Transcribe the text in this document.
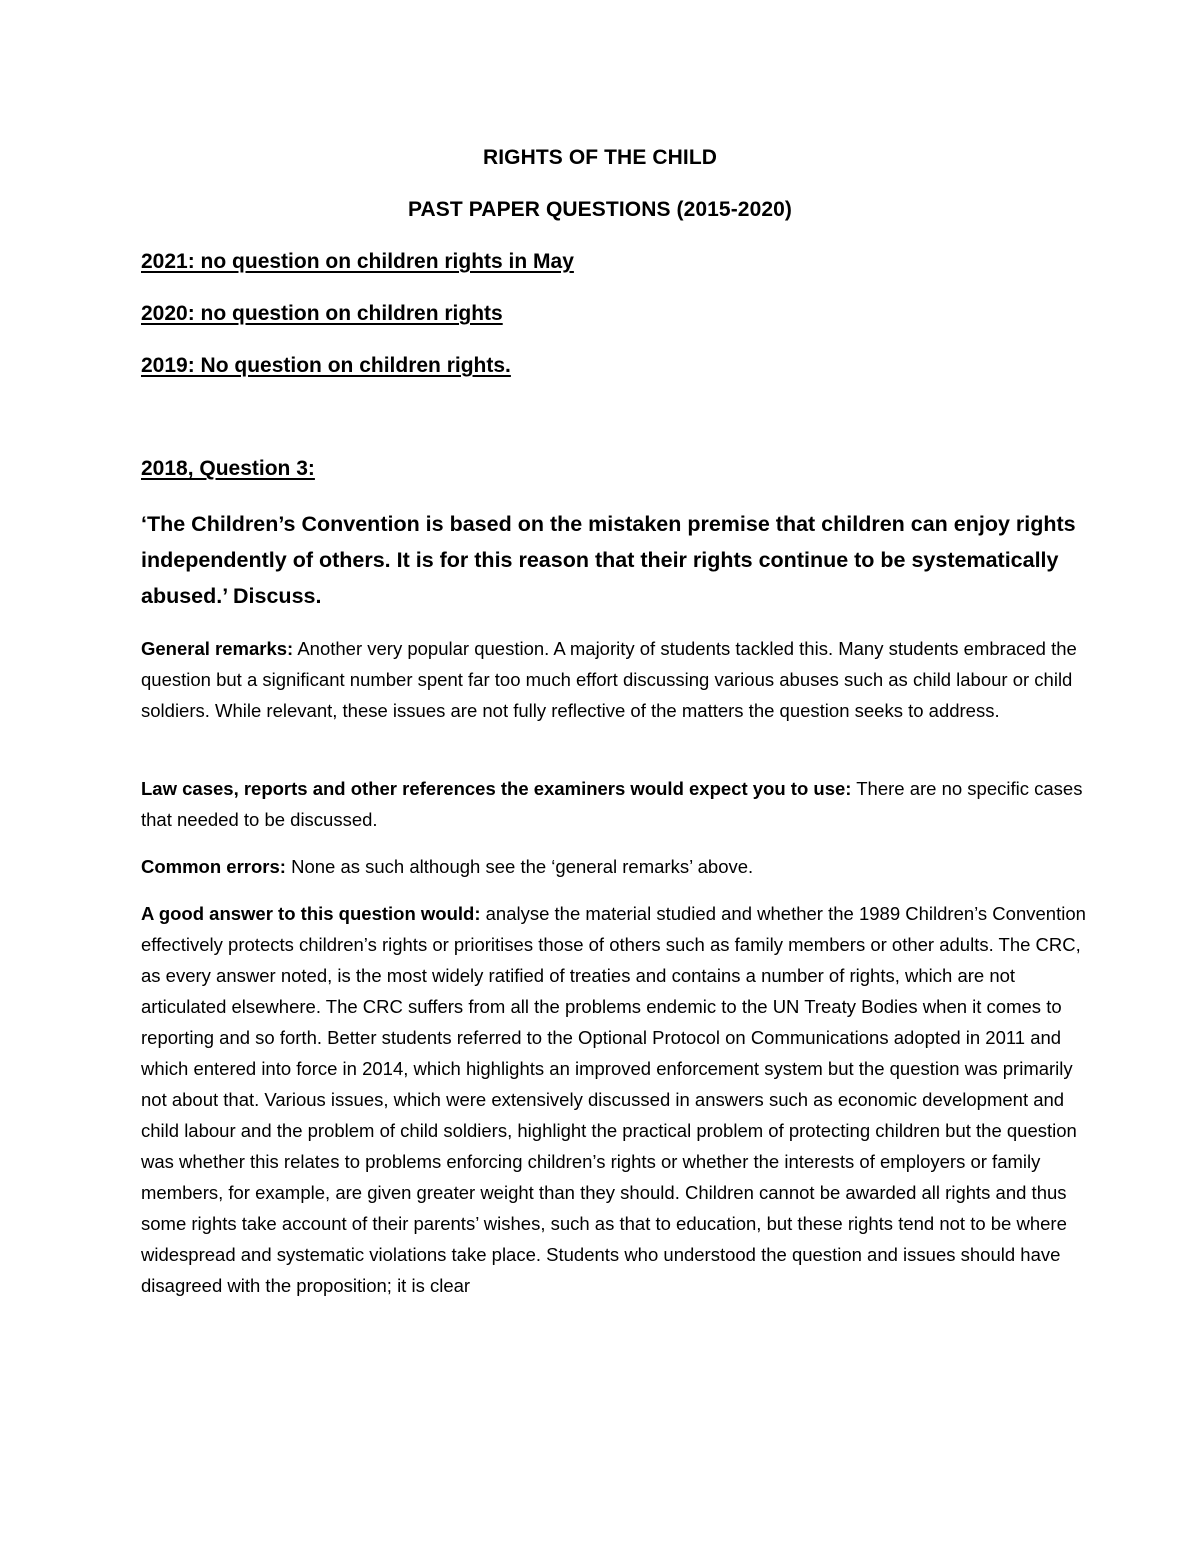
RIGHTS OF THE CHILD
PAST PAPER QUESTIONS (2015-2020)
2021: no question on children rights in May
2020: no question on children rights
2019: No question on children rights.
2018, Question 3:
‘The Children’s Convention is based on the mistaken premise that children can enjoy rights independently of others. It is for this reason that their rights continue to be systematically abused.’ Discuss.
General remarks: Another very popular question. A majority of students tackled this. Many students embraced the question but a significant number spent far too much effort discussing various abuses such as child labour or child soldiers. While relevant, these issues are not fully reflective of the matters the question seeks to address.
Law cases, reports and other references the examiners would expect you to use: There are no specific cases that needed to be discussed.
Common errors: None as such although see the ‘general remarks’ above.
A good answer to this question would: analyse the material studied and whether the 1989 Children’s Convention effectively protects children’s rights or prioritises those of others such as family members or other adults. The CRC, as every answer noted, is the most widely ratified of treaties and contains a number of rights, which are not articulated elsewhere. The CRC suffers from all the problems endemic to the UN Treaty Bodies when it comes to reporting and so forth. Better students referred to the Optional Protocol on Communications adopted in 2011 and which entered into force in 2014, which highlights an improved enforcement system but the question was primarily not about that. Various issues, which were extensively discussed in answers such as economic development and child labour and the problem of child soldiers, highlight the practical problem of protecting children but the question was whether this relates to problems enforcing children’s rights or whether the interests of employers or family members, for example, are given greater weight than they should. Children cannot be awarded all rights and thus some rights take account of their parents’ wishes, such as that to education, but these rights tend not to be where widespread and systematic violations take place. Students who understood the question and issues should have disagreed with the proposition; it is clear
